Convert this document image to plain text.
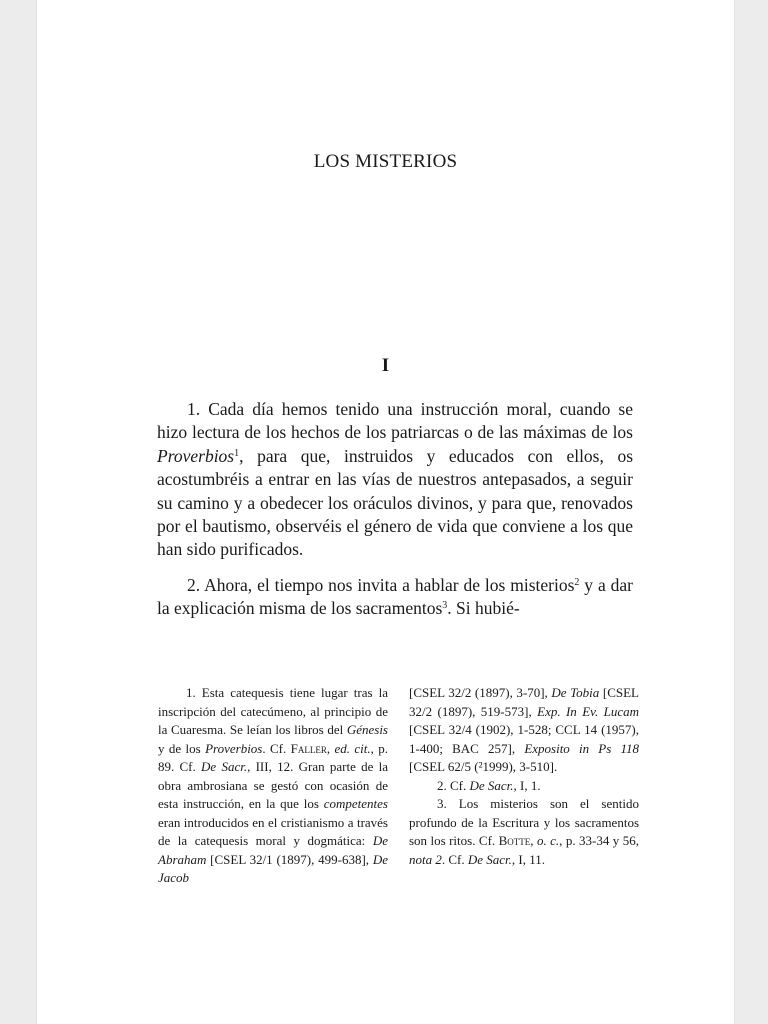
LOS MISTERIOS
I

1. Cada día hemos tenido una instrucción moral, cuando se hizo lectura de los hechos de los patriarcas o de las máximas de los Proverbios$^1$, para que, instruidos y educados con ellos, os acostumbréis a entrar en las vías de nuestros antepasados, a seguir su camino y a obedecer los oráculos divinos, y para que, renovados por el bautismo, observéis el género de vida que conviene a los que han sido purificados.

2. Ahora, el tiempo nos invita a hablar de los misterios$^2$ y a dar la explicación misma de los sacramentos$^3$. Si hubié-

1. Esta catequesis tiene lugar tras la inscripción del catecúmeno, al principio de la Cuaresma. Se leían los libros del Génesis y de los Proverbios. Cf. Faller, ed. cit., p. 89. Cf. De Sacr., III, 12. Gran parte de la obra ambrosiana se gestó con ocasión de esta instrucción, en la que los competentes eran introducidos en el cristianismo a través de la catequesis moral y dogmática: De Abraham [CSEL 32/1 (1897), 499-638], De Jacob

[CSEL 32/2 (1897), 3-70], De Tobia [CSEL 32/2 (1897), 519-573], Exp. In Ev. Lucam [CSEL 32/4 (1902), 1-528; CCL 14 (1957), 1-400; BAC 257], Exposito in Ps 118 [CSEL 62/5 (²1999), 3-510].

2. Cf. De Sacr., I, 1.

3. Los misterios son el sentido profundo de la Escritura y los sacramentos son los ritos. Cf. Botte, o. c., p. 33-34 y 56, nota 2. Cf. De Sacr., I, 11.
